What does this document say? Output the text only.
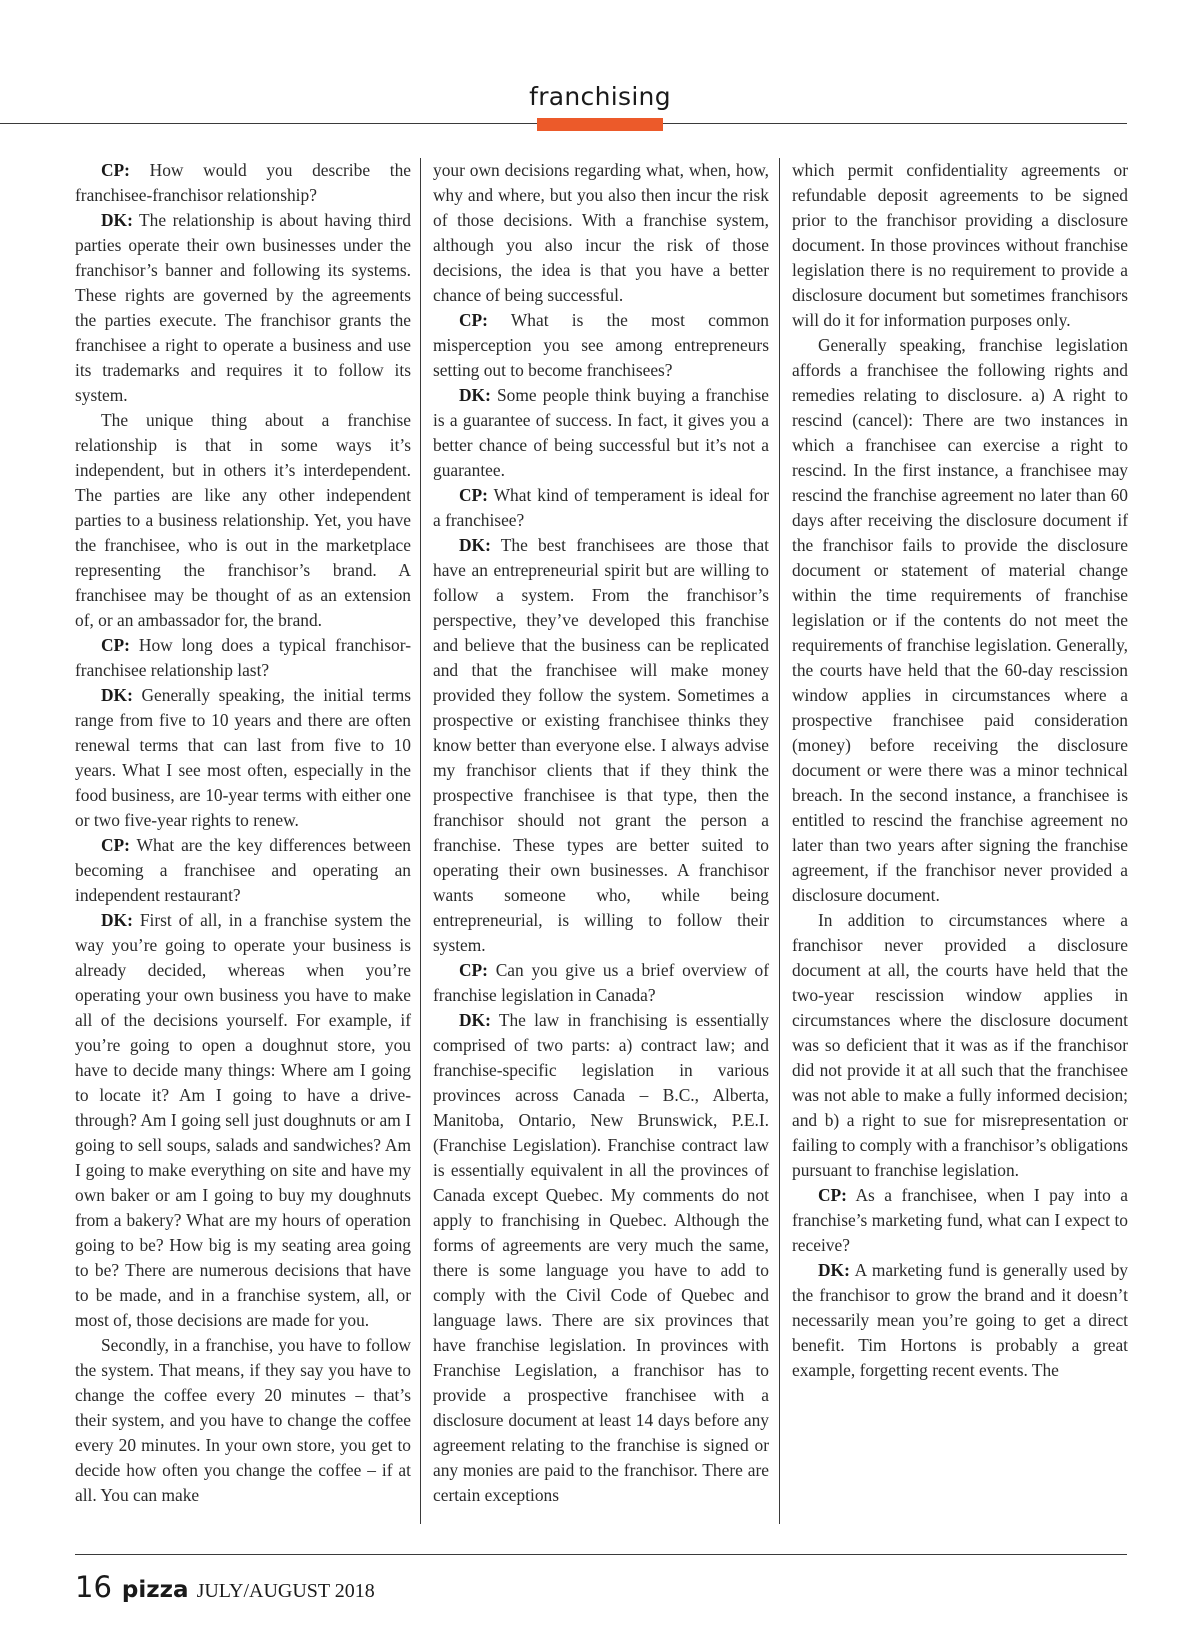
franchising

CP: How would you describe the franchisee-franchisor relationship?

DK: The relationship is about having third parties operate their own businesses under the franchisor’s banner and following its systems. These rights are governed by the agreements the parties execute. The franchisor grants the franchisee a right to operate a business and use its trademarks and requires it to follow its system.

The unique thing about a franchise relationship is that in some ways it’s independent, but in others it’s interdependent. The parties are like any other independent parties to a business relationship. Yet, you have the franchisee, who is out in the marketplace representing the franchisor’s brand. A franchisee may be thought of as an extension of, or an ambassador for, the brand.

CP: How long does a typical franchisor-franchisee relationship last?

DK: Generally speaking, the initial terms range from five to 10 years and there are often renewal terms that can last from five to 10 years. What I see most often, especially in the food business, are 10-year terms with either one or two five-year rights to renew.

CP: What are the key differences between becoming a franchisee and operating an independent restaurant?

DK: First of all, in a franchise system the way you’re going to operate your business is already decided, whereas when you’re operating your own business you have to make all of the decisions yourself. For example, if you’re going to open a doughnut store, you have to decide many things: Where am I going to locate it? Am I going to have a drive-through? Am I going sell just doughnuts or am I going to sell soups, salads and sandwiches? Am I going to make everything on site and have my own baker or am I going to buy my doughnuts from a bakery? What are my hours of operation going to be? How big is my seating area going to be? There are numerous decisions that have to be made, and in a franchise system, all, or most of, those decisions are made for you.

Secondly, in a franchise, you have to follow the system. That means, if they say you have to change the coffee every 20 minutes – that’s their system, and you have to change the coffee every 20 minutes. In your own store, you get to decide how often you change the coffee – if at all. You can make

your own decisions regarding what, when, how, why and where, but you also then incur the risk of those decisions. With a franchise system, although you also incur the risk of those decisions, the idea is that you have a better chance of being successful.

CP: What is the most common misperception you see among entrepreneurs setting out to become franchisees?

DK: Some people think buying a franchise is a guarantee of success. In fact, it gives you a better chance of being successful but it’s not a guarantee.

CP: What kind of temperament is ideal for a franchisee?

DK: The best franchisees are those that have an entrepreneurial spirit but are willing to follow a system. From the franchisor’s perspective, they’ve developed this franchise and believe that the business can be replicated and that the franchisee will make money provided they follow the system. Sometimes a prospective or existing franchisee thinks they know better than everyone else. I always advise my franchisor clients that if they think the prospective franchisee is that type, then the franchisor should not grant the person a franchise. These types are better suited to operating their own businesses. A franchisor wants someone who, while being entrepreneurial, is willing to follow their system.

CP: Can you give us a brief overview of franchise legislation in Canada?

DK: The law in franchising is essentially comprised of two parts: a) contract law; and franchise-specific legislation in various provinces across Canada – B.C., Alberta, Manitoba, Ontario, New Brunswick, P.E.I. (Franchise Legislation). Franchise contract law is essentially equivalent in all the provinces of Canada except Quebec. My comments do not apply to franchising in Quebec. Although the forms of agreements are very much the same, there is some language you have to add to comply with the Civil Code of Quebec and language laws. There are six provinces that have franchise legislation. In provinces with Franchise Legislation, a franchisor has to provide a prospective franchisee with a disclosure document at least 14 days before any agreement relating to the franchise is signed or any monies are paid to the franchisor. There are certain exceptions

which permit confidentiality agreements or refundable deposit agreements to be signed prior to the franchisor providing a disclosure document. In those provinces without franchise legislation there is no requirement to provide a disclosure document but sometimes franchisors will do it for information purposes only.

Generally speaking, franchise legislation affords a franchisee the following rights and remedies relating to disclosure. a) A right to rescind (cancel): There are two instances in which a franchisee can exercise a right to rescind. In the first instance, a franchisee may rescind the franchise agreement no later than 60 days after receiving the disclosure document if the franchisor fails to provide the disclosure document or statement of material change within the time requirements of franchise legislation or if the contents do not meet the requirements of franchise legislation. Generally, the courts have held that the 60-day rescission window applies in circumstances where a prospective franchisee paid consideration (money) before receiving the disclosure document or were there was a minor technical breach. In the second instance, a franchisee is entitled to rescind the franchise agreement no later than two years after signing the franchise agreement, if the franchisor never provided a disclosure document.

In addition to circumstances where a franchisor never provided a disclosure document at all, the courts have held that the two-year rescission window applies in circumstances where the disclosure document was so deficient that it was as if the franchisor did not provide it at all such that the franchisee was not able to make a fully informed decision; and b) a right to sue for misrepresentation or failing to comply with a franchisor’s obligations pursuant to franchise legislation.

CP: As a franchisee, when I pay into a franchise’s marketing fund, what can I expect to receive?

DK: A marketing fund is generally used by the franchisor to grow the brand and it doesn’t necessarily mean you’re going to get a direct benefit. Tim Hortons is probably a great example, forgetting recent events. The

16 pizza JULY/AUGUST 2018
